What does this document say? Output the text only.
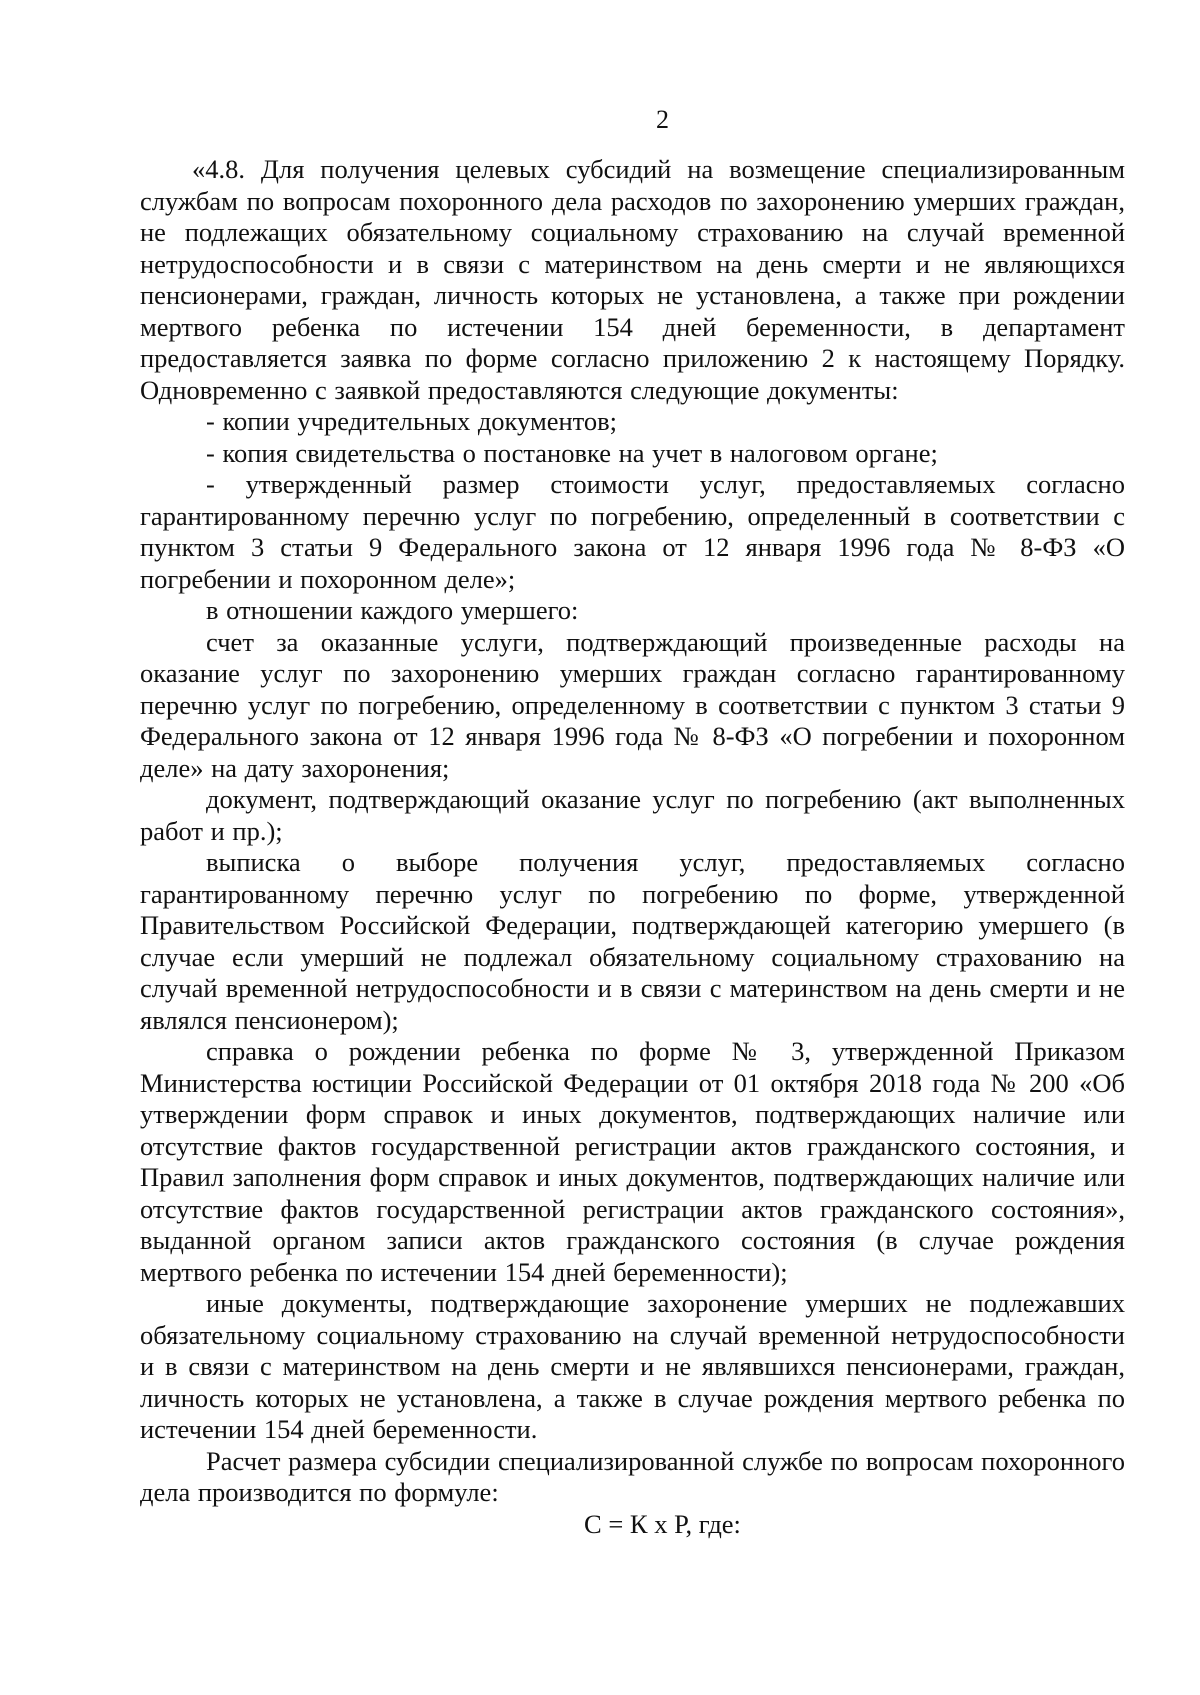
2

«4.8. Для получения целевых субсидий на возмещение специализированным службам по вопросам похоронного дела расходов по захоронению умерших граждан, не подлежащих обязательному социальному страхованию на случай временной нетрудоспособности и в связи с материнством на день смерти и не являющихся пенсионерами, граждан, личность которых не установлена, а также при рождении мертвого ребенка по истечении 154 дней беременности, в департамент предоставляется заявка по форме согласно приложению 2 к настоящему Порядку. Одновременно с заявкой предоставляются следующие документы:

- копии учредительных документов;

- копия свидетельства о постановке на учет в налоговом органе;

- утвержденный размер стоимости услуг, предоставляемых согласно гарантированному перечню услуг по погребению, определенный в соответствии с пунктом 3 статьи 9 Федерального закона от 12 января 1996 года № 8-ФЗ «О погребении и похоронном деле»;

в отношении каждого умершего:

счет за оказанные услуги, подтверждающий произведенные расходы на оказание услуг по захоронению умерших граждан согласно гарантированному перечню услуг по погребению, определенному в соответствии с пунктом 3 статьи 9 Федерального закона от 12 января 1996 года № 8-ФЗ «О погребении и похоронном деле» на дату захоронения;

документ, подтверждающий оказание услуг по погребению (акт выполненных работ и пр.);

выписка о выборе получения услуг, предоставляемых согласно гарантированному перечню услуг по погребению по форме, утвержденной Правительством Российской Федерации, подтверждающей категорию умершего (в случае если умерший не подлежал обязательному социальному страхованию на случай временной нетрудоспособности и в связи с материнством на день смерти и не являлся пенсионером);

справка о рождении ребенка по форме № 3, утвержденной Приказом Министерства юстиции Российской Федерации от 01 октября 2018 года № 200 «Об утверждении форм справок и иных документов, подтверждающих наличие или отсутствие фактов государственной регистрации актов гражданского состояния, и Правил заполнения форм справок и иных документов, подтверждающих наличие или отсутствие фактов государственной регистрации актов гражданского состояния», выданной органом записи актов гражданского состояния (в случае рождения мертвого ребенка по истечении 154 дней беременности);

иные документы, подтверждающие захоронение умерших не подлежавших обязательному социальному страхованию на случай временной нетрудоспособности и в связи с материнством на день смерти и не являвшихся пенсионерами, граждан, личность которых не установлена, а также в случае рождения мертвого ребенка по истечении 154 дней беременности.

Расчет размера субсидии специализированной службе по вопросам похоронного дела производится по формуле:

С = К х Р, где:
